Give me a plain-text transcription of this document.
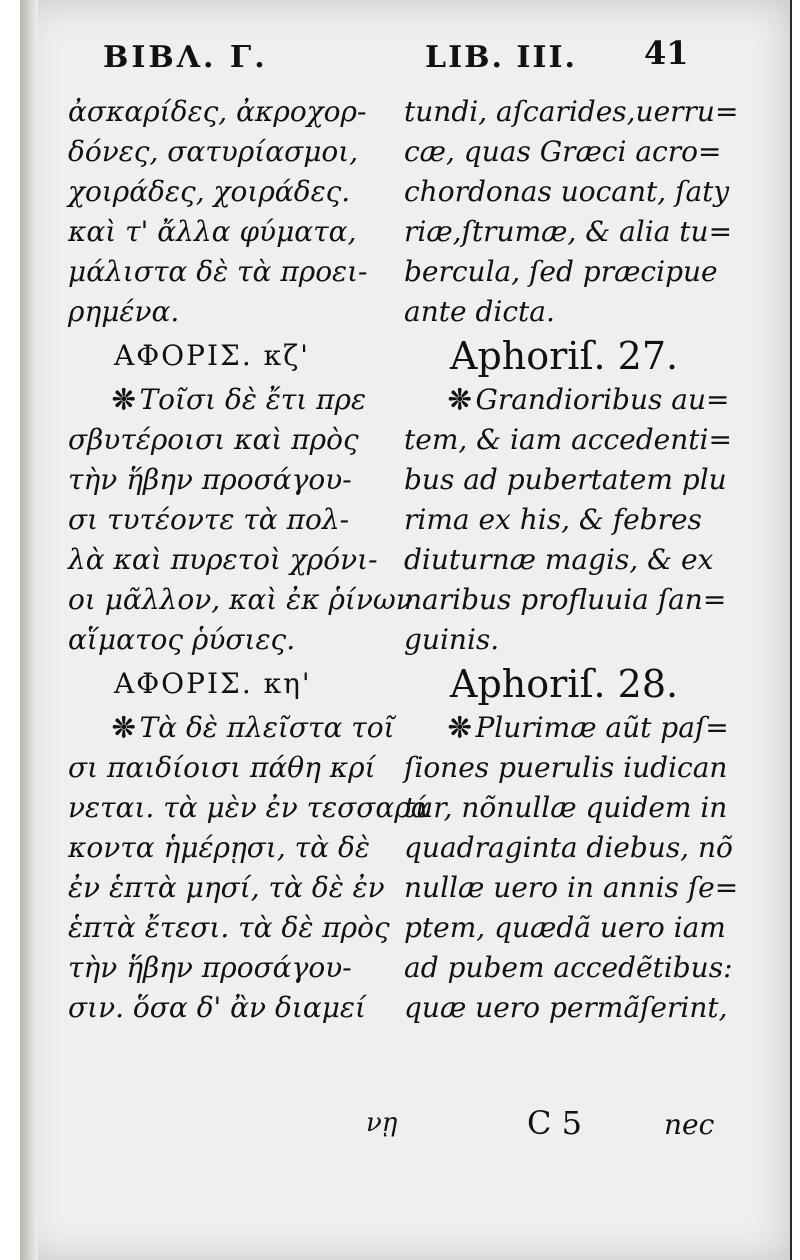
BIBΛ. Γ.	LIB. III. 41
ἀσκαρίδες, ἀκροχορ-
δόνες, σατυρίασμοι,
χοιράδες, χοιράδες.
καὶ τ' ἄλλα φύματα,
μάλιστα δὲ τὰ προει-
ρημένα.
ΑΦΟΡΙΣ. κζ'
❊ Τοῖσι δὲ ἔτι πρε
σβυτέροισι καὶ πρὸς
τὴν ἥβην προσάγου-
σι τυτέοντε τὰ πολ-
λὰ καὶ πυρετοὶ χρόνι-
οι μᾶλλον, καὶ ἐκ ῥίνων
αἵματος ῥύσιες.
ΑΦΟΡΙΣ. κη'
❊ Τὰ δὲ πλεῖστα τοῖ
σι παιδίοισι πάθη κρί
νεται. τὰ μὲν ἐν τεσσαρά
κοντα ἡμέρῃσι, τὰ δὲ
ἐν ἑπτὰ μησί, τὰ δὲ ἐν
ἑπτὰ ἔτεσι. τὰ δὲ πρὸς
τὴν ἥβην προσάγου-
σιν. ὅσα δ' ἂν διαμεί
tundi, aſcarides,uerru=
cæ, quas Græci acro=
chordonas uocant, ſaty
riæ,ſtrumæ, & alia tu=
bercula, ſed præcipue
ante dicta.
Aphoriſ. 27.
❊ Grandioribus au=
tem, & iam accedenti=
bus ad pubertatem plu
rima ex his, & febres
diuturnæ magis, & ex
naribus profluuia ſan=
guinis.
Aphoriſ. 28.
❊ Plurimæ aũt paſ=
ſiones puerulis iudican
tur, nõnullæ quidem in
quadraginta diebus, nõ
nullæ uero in annis ſe=
ptem, quædã uero iam
ad pubem accedẽtibus:
quæ uero permãſerint,
νῃ	C 5	nec
